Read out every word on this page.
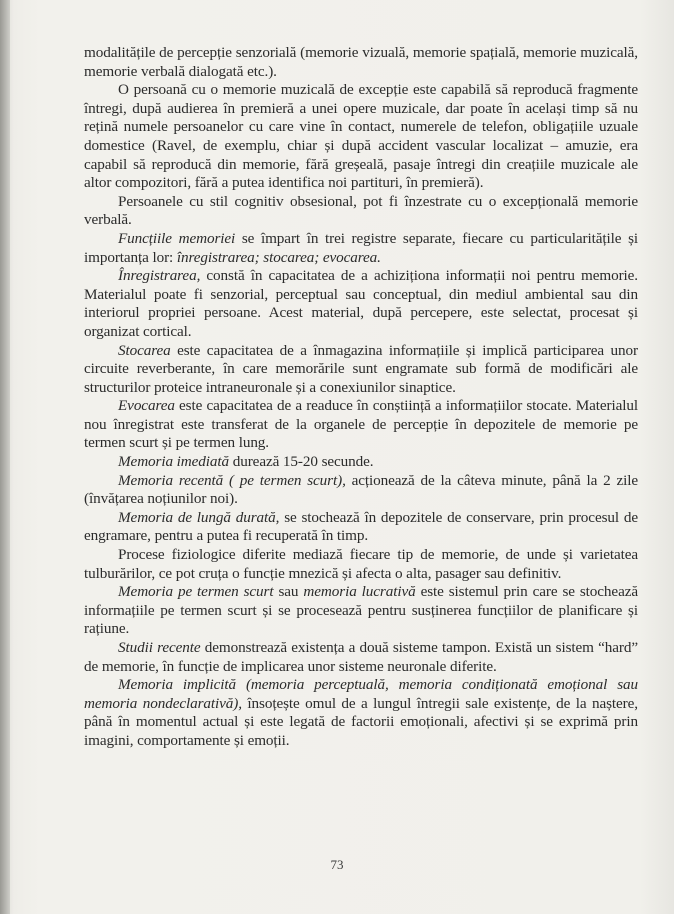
modalitățile de percepție senzorială (memorie vizuală, memorie spațială, memorie muzicală, memorie verbală dialogată etc.).

O persoană cu o memorie muzicală de excepție este capabilă să reproducă fragmente întregi, după audierea în premieră a unei opere muzicale, dar poate în același timp să nu rețină numele persoanelor cu care vine în contact, numerele de telefon, obligațiile uzuale domestice (Ravel, de exemplu, chiar și după accident vascular localizat – amuzie, era capabil să reproducă din memorie, fără greșeală, pasaje întregi din creațiile muzicale ale altor compozitori, fără a putea identifica noi partituri, în premieră).

Persoanele cu stil cognitiv obsesional, pot fi înzestrate cu o excepțională memorie verbală.

Funcțiile memoriei se împart în trei registre separate, fiecare cu particularitățile și importanța lor: înregistrarea; stocarea; evocarea.

Înregistrarea, constă în capacitatea de a achiziționa informații noi pentru memorie. Materialul poate fi senzorial, perceptual sau conceptual, din mediul ambiental sau din interiorul propriei persoane. Acest material, după percepere, este selectat, procesat și organizat cortical.

Stocarea este capacitatea de a înmagazina informațiile și implică participarea unor circuite reverberante, în care memorările sunt engramate sub formă de modificări ale structurilor proteice intraneuronale și a conexiunilor sinaptice.

Evocarea este capacitatea de a readuce în conștiință a informațiilor stocate. Materialul nou înregistrat este transferat de la organele de percepție în depozitele de memorie pe termen scurt și pe termen lung.

Memoria imediată durează 15-20 secunde.

Memoria recentă ( pe termen scurt), acționează de la câteva minute, până la 2 zile (învățarea noțiunilor noi).

Memoria de lungă durată, se stochează în depozitele de conservare, prin procesul de engramare, pentru a putea fi recuperată în timp.

Procese fiziologice diferite mediază fiecare tip de memorie, de unde și varietatea tulburărilor, ce pot cruța o funcție mnezică și afecta o alta, pasager sau definitiv.

Memoria pe termen scurt sau memoria lucrativă este sistemul prin care se stochează informațiile pe termen scurt și se procesează pentru susținerea funcțiilor de planificare și rațiune.

Studii recente demonstrează existența a două sisteme tampon. Există un sistem “hard” de memorie, în funcție de implicarea unor sisteme neuronale diferite.

Memoria implicită (memoria perceptuală, memoria condiționată emoțional sau memoria nondeclarativă), însoțește omul de a lungul întregii sale existențe, de la naștere, până în momentul actual și este legată de factorii emoționali, afectivi și se exprimă prin imagini, comportamente și emoții.

73
